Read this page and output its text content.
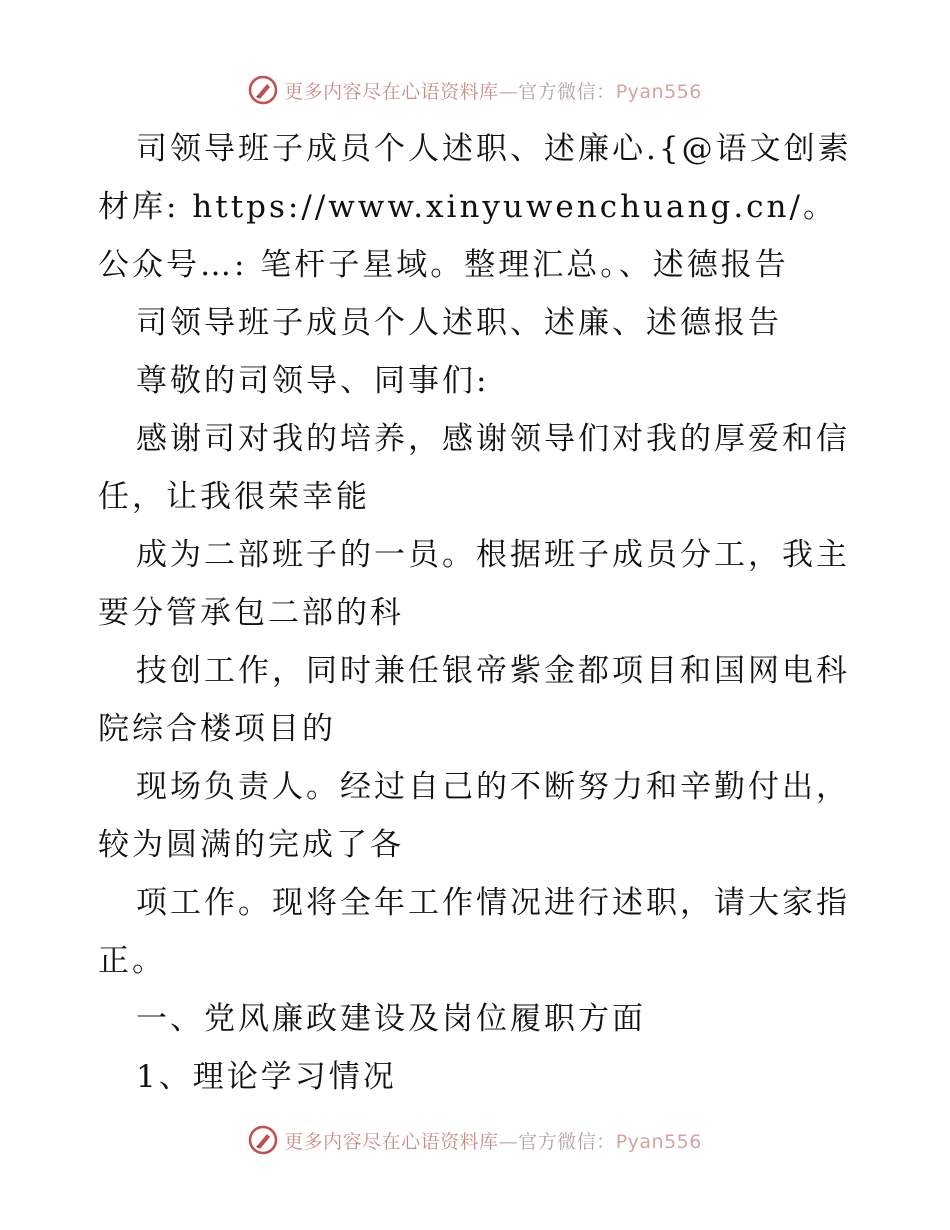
更多内容尽在心语资料库—官方微信：Pyan556

司领导班子成员个人述职、述廉心.{@语文创素材库: https://www.xinyuwenchuang.cn/。公众号…: 笔杆子星域。整理汇总。、述德报告

司领导班子成员个人述职、述廉、述德报告

尊敬的司领导、同事们:

感谢司对我的培养，感谢领导们对我的厚爱和信任，让我很荣幸能

成为二部班子的一员。根据班子成员分工，我主要分管承包二部的科

技创工作，同时兼任银帝紫金都项目和国网电科院综合楼项目的

现场负责人。经过自己的不断努力和辛勤付出，较为圆满的完成了各

项工作。现将全年工作情况进行述职，请大家指正。

一、党风廉政建设及岗位履职方面

1、理论学习情况

更多内容尽在心语资料库—官方微信：Pyan556
